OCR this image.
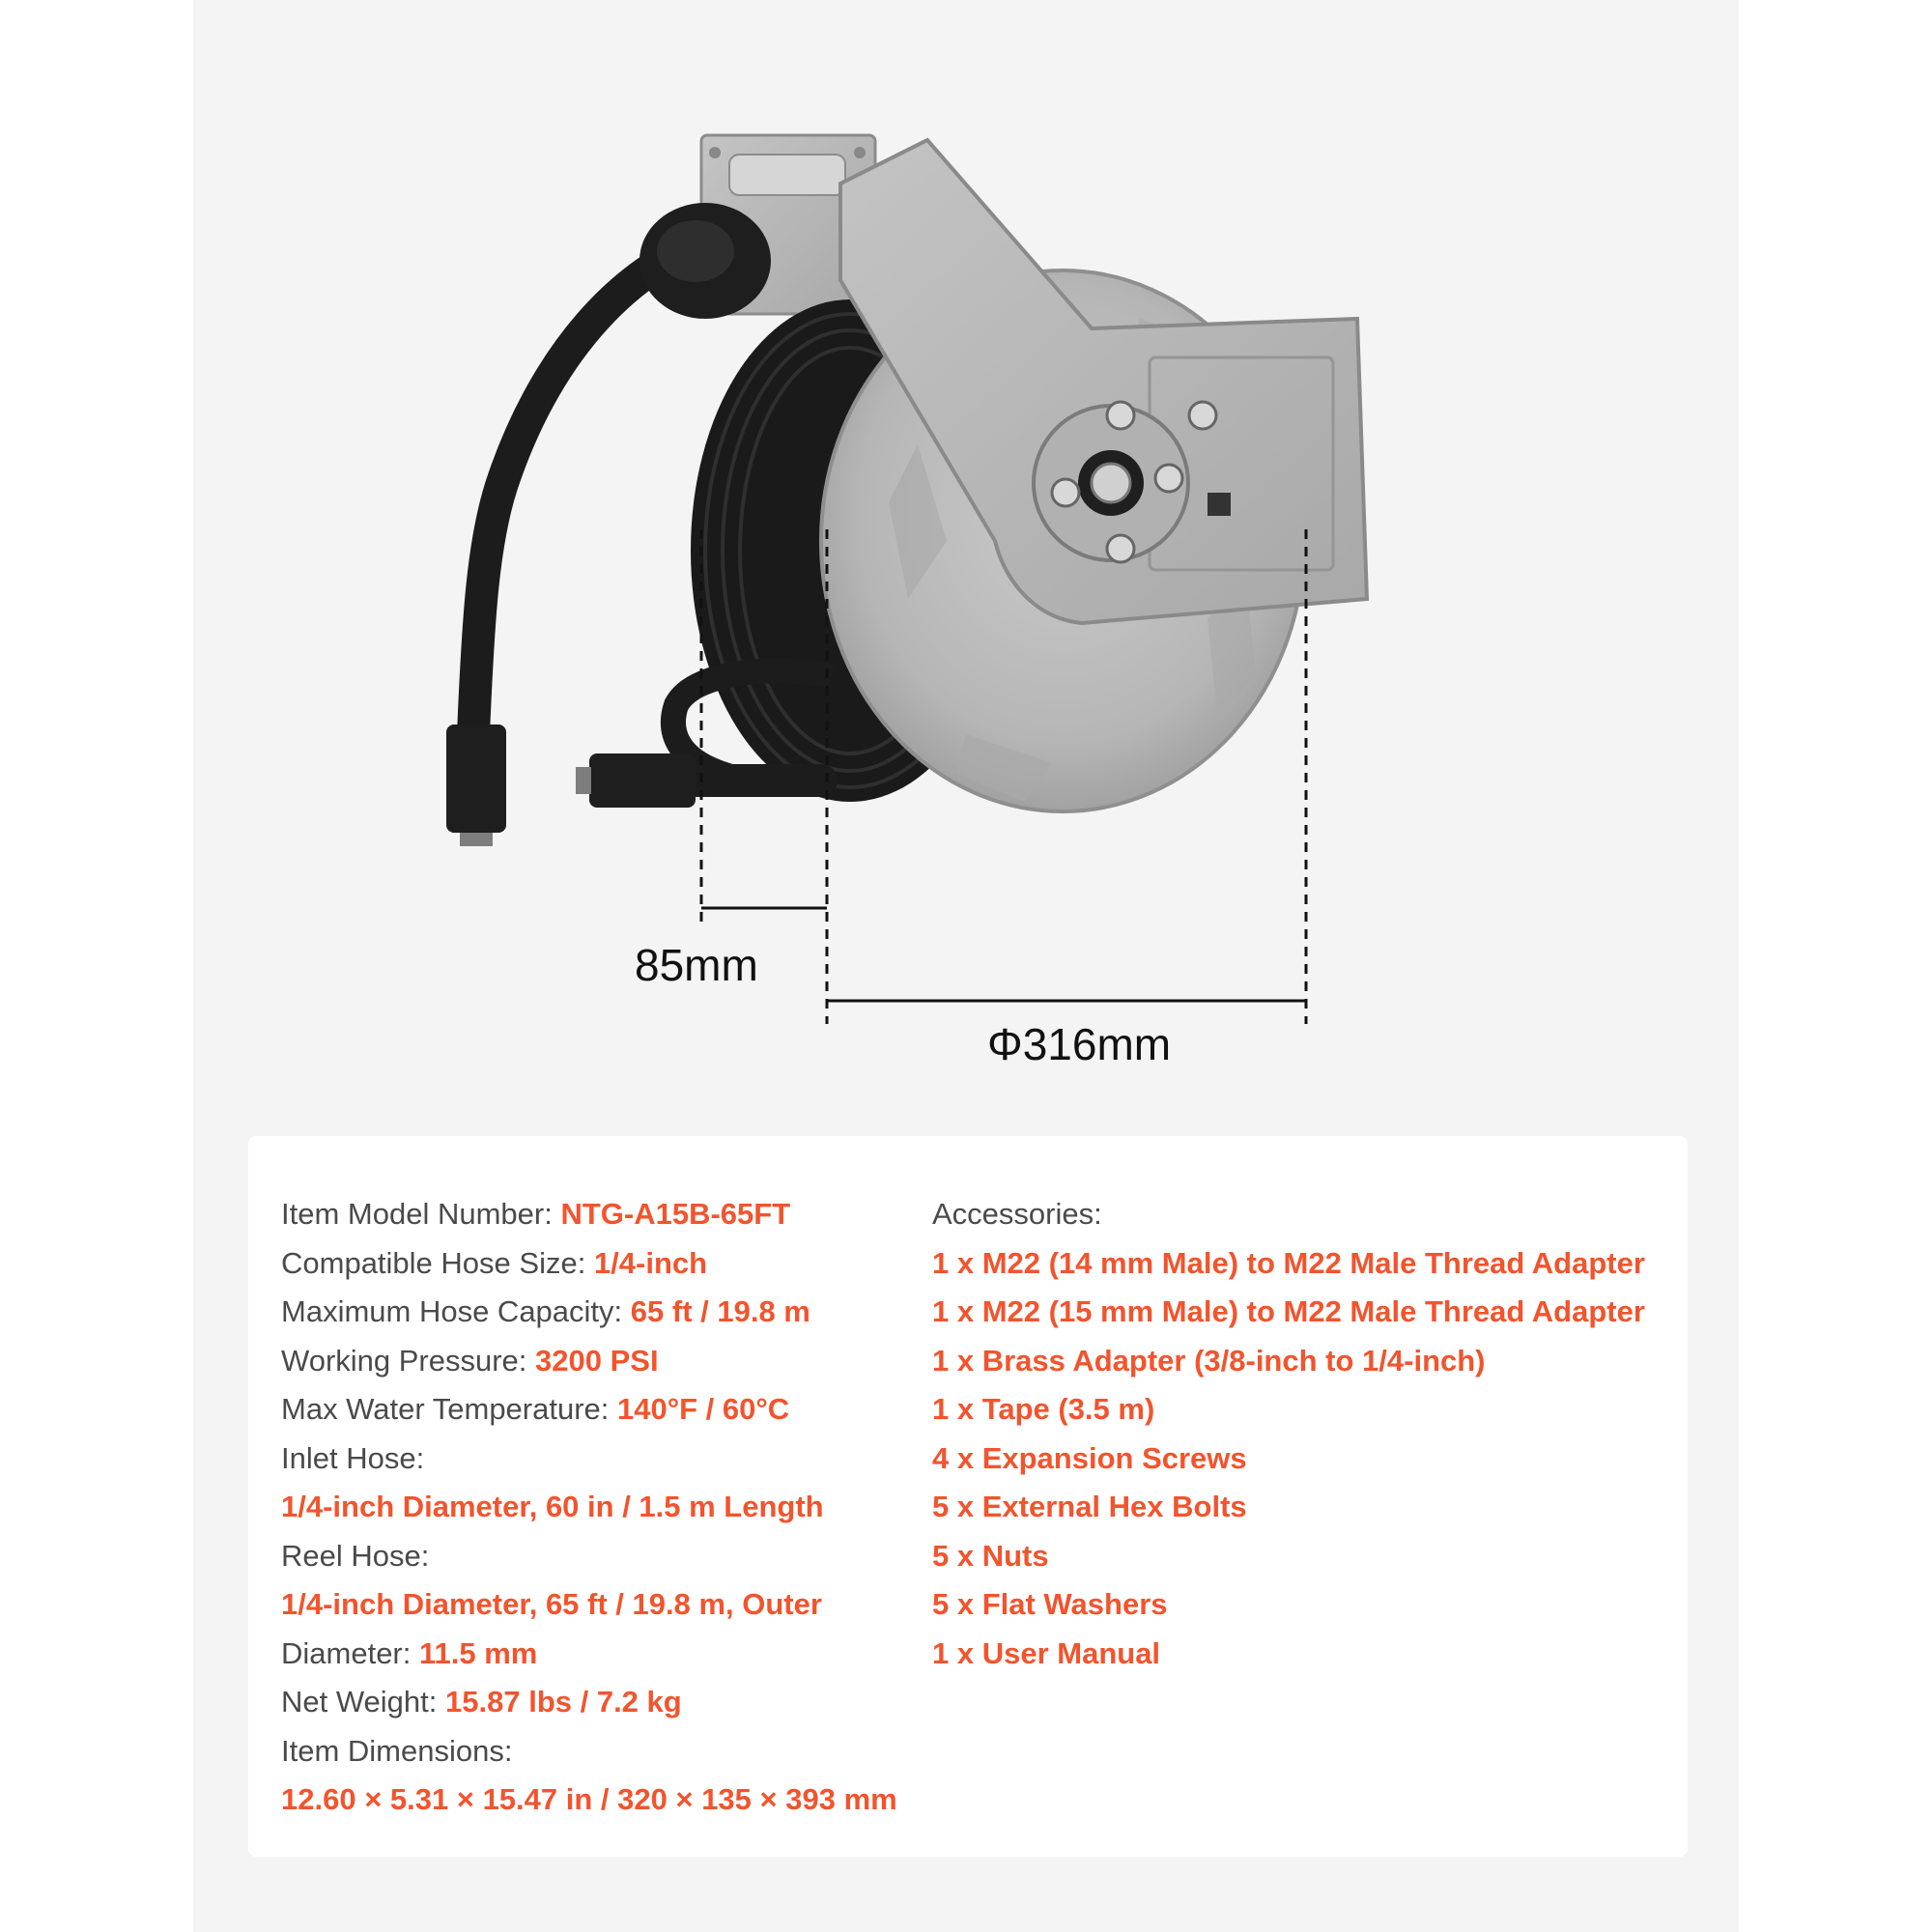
85mm
Φ316mm
Item Model Number: NTG-A15B-65FT
Compatible Hose Size: 1/4-inch
Maximum Hose Capacity: 65 ft / 19.8 m
Working Pressure: 3200 PSI
Max Water Temperature: 140°F / 60°C
Inlet Hose:
1/4-inch Diameter, 60 in / 1.5 m Length
Reel Hose:
1/4-inch Diameter, 65 ft / 19.8 m, Outer
Diameter: 11.5 mm
Net Weight: 15.87 lbs / 7.2 kg
Item Dimensions:
12.60 × 5.31 × 15.47 in / 320 × 135 × 393 mm
Accessories:
1 x M22 (14 mm Male) to M22 Male Thread Adapter
1 x M22 (15 mm Male) to M22 Male Thread Adapter
1 x Brass Adapter (3/8-inch to 1/4-inch)
1 x Tape (3.5 m)
4 x Expansion Screws
5 x External Hex Bolts
5 x Nuts
5 x Flat Washers
1 x User Manual
